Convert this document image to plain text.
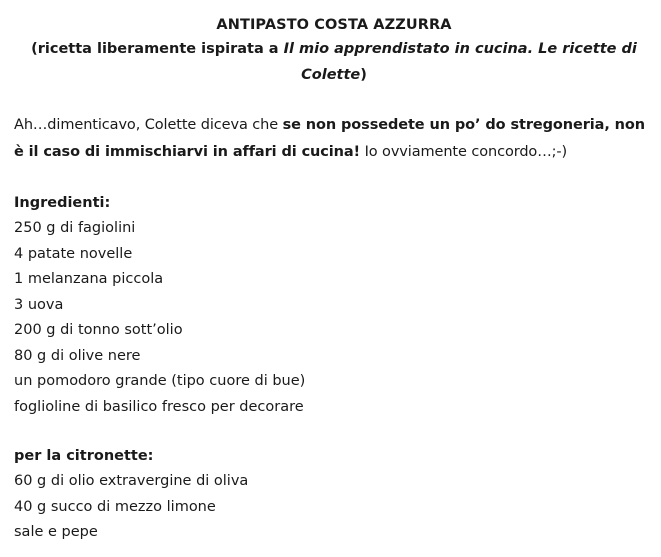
ANTIPASTO COSTA AZZURRA

(ricetta liberamente ispirata a Il mio apprendistato in cucina. Le ricette di Colette)

Ah…dimenticavo, Colette diceva che se non possedete un po’ do stregoneria, non è il caso di immischiarvi in affari di cucina! Io ovviamente concordo…;-)

Ingredienti:
250 g di fagiolini
4 patate novelle
1 melanzana piccola
3 uova
200 g di tonno sott’olio
80 g di olive nere
un pomodoro grande (tipo cuore di bue)
foglioline di basilico fresco per decorare
per la citronette:
60 g di olio extravergine di oliva
40 g succo di mezzo limone
sale e pepe
